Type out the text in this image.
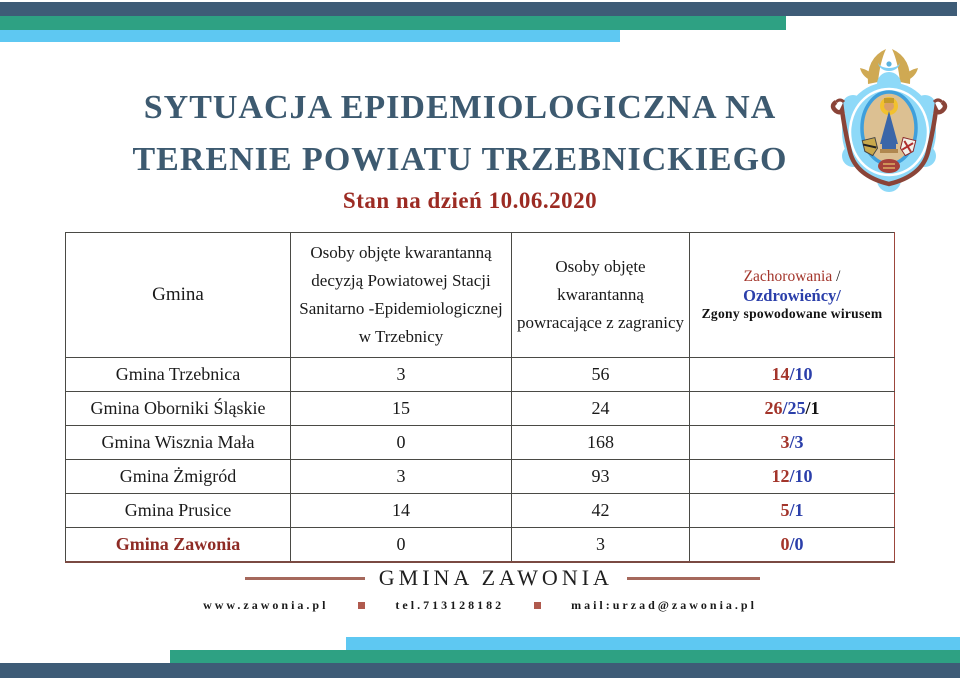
SYTUACJA EPIDEMIOLOGICZNA NA
TERENIE POWIATU TRZEBNICKIEGO
Stan na dzień 10.06.2020
Gmina	Osoby objęte kwarantanną decyzją Powiatowej Stacji Sanitarno -Epidemiologicznej w Trzebnicy	Osoby objęte kwarantanną powracające z zagranicy	Zachorowania /
Ozdrowieńcy/
Zgony spowodowane wirusem

Gmina Trzebnica	3	56	14/10
Gmina Oborniki Śląskie	15	24	26/25/1
Gmina Wisznia Mała	0	168	3/3
Gmina Żmigród	3	93	12/10
Gmina Prusice	14	42	5/1
Gmina Zawonia	0	3	0/0
GMINA ZAWONIA
www.zawonia.pl	tel.713128182	mail:urzad@zawonia.pl
